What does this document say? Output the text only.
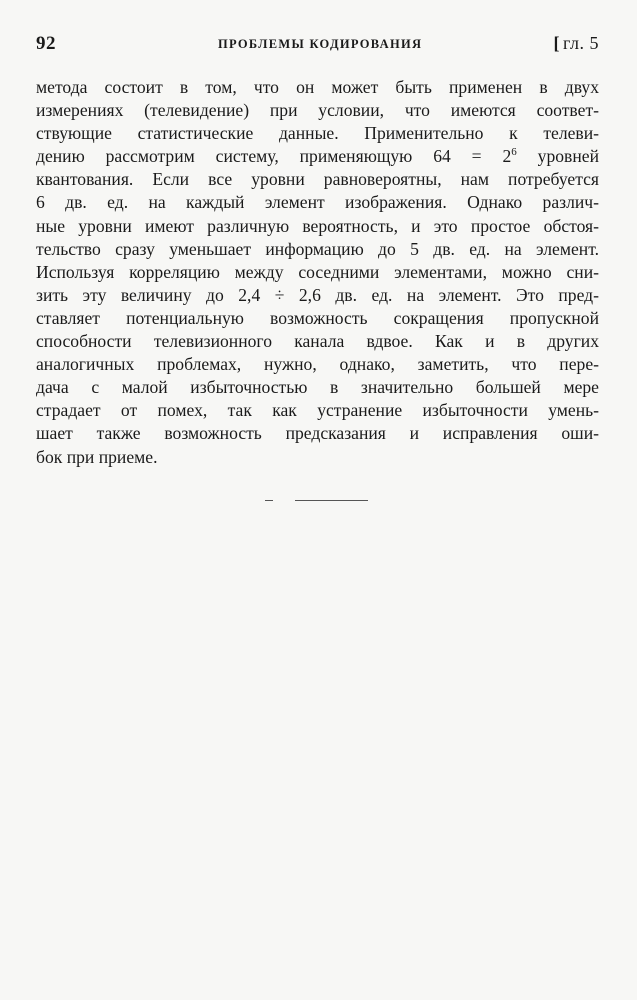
92	ПРОБЛЕМЫ КОДИРОВАНИЯ	[ гл. 5
метода состоит в том, что он может быть применен в двух
измерениях (телевидение) при условии, что имеются соответ-
ствующие статистические данные. Применительно к телеви-
дению рассмотрим систему, применяющую $64 = 2^6$ уровней
квантования. Если все уровни равновероятны, нам потребуется
6 дв. ед. на каждый элемент изображения. Однако различ-
ные уровни имеют различную вероятность, и это простое обстоя-
тельство сразу уменьшает информацию до 5 дв. ед. на элемент.
Используя корреляцию между соседними элементами, можно сни-
зить эту величину до 2,4 ÷ 2,6 дв. ед. на элемент. Это пред-
ставляет потенциальную возможность сокращения пропускной
способности телевизионного канала вдвое. Как и в других
аналогичных проблемах, нужно, однако, заметить, что пере-
дача с малой избыточностью в значительно большей мере
страдает от помех, так как устранение избыточности умень-
шает также возможность предсказания и исправления оши-
бок при приеме.
